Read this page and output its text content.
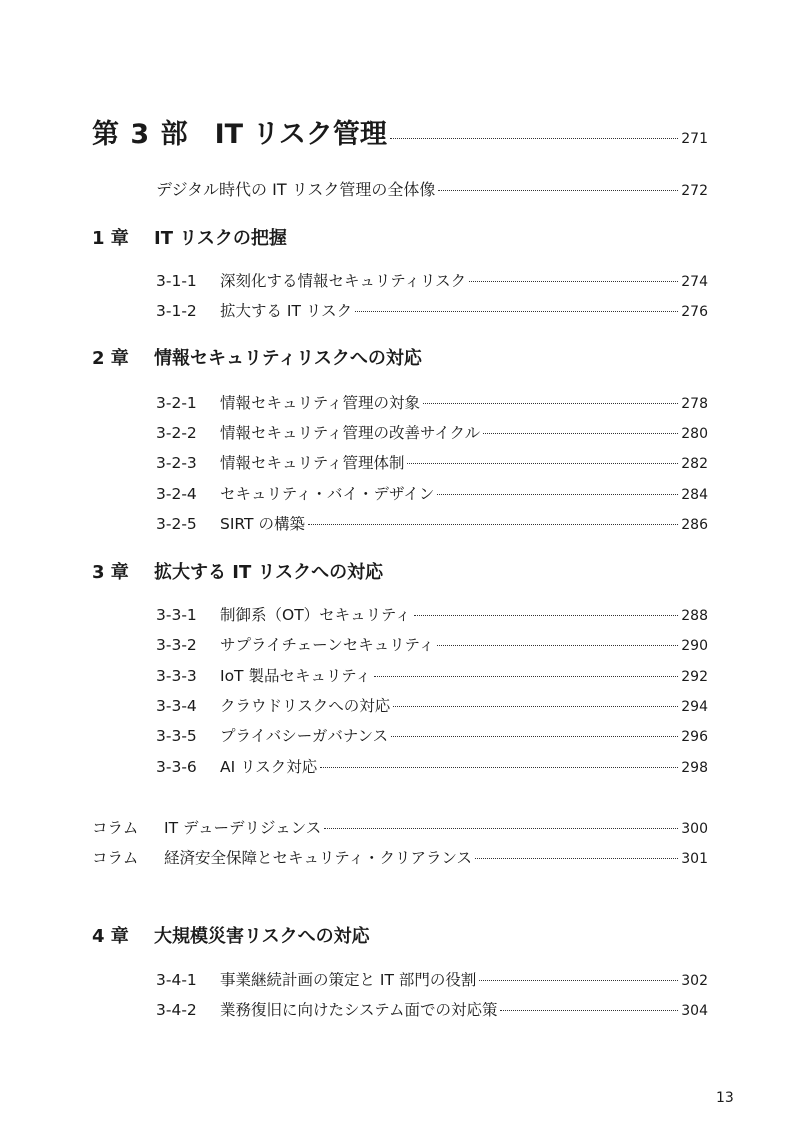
第 3 部 IT リスク管理	271
デジタル時代の IT リスク管理の全体像	272
1 章 IT リスクの把握
3-1-1	深刻化する情報セキュリティリスク	274
3-1-2	拡大する IT リスク	276
2 章 情報セキュリティリスクへの対応
3-2-1	情報セキュリティ管理の対象	278
3-2-2	情報セキュリティ管理の改善サイクル	280
3-2-3	情報セキュリティ管理体制	282
3-2-4	セキュリティ・バイ・デザイン	284
3-2-5	SIRT の構築	286
3 章 拡大する IT リスクへの対応
3-3-1	制御系（OT）セキュリティ	288
3-3-2	サプライチェーンセキュリティ	290
3-3-3	IoT 製品セキュリティ	292
3-3-4	クラウドリスクへの対応	294
3-3-5	プライバシーガバナンス	296
3-3-6	AI リスク対応	298
コラム	IT デューデリジェンス	300
コラム	経済安全保障とセキュリティ・クリアランス	301
4 章 大規模災害リスクへの対応
3-4-1	事業継続計画の策定と IT 部門の役割	302
3-4-2	業務復旧に向けたシステム面での対応策	304
13
